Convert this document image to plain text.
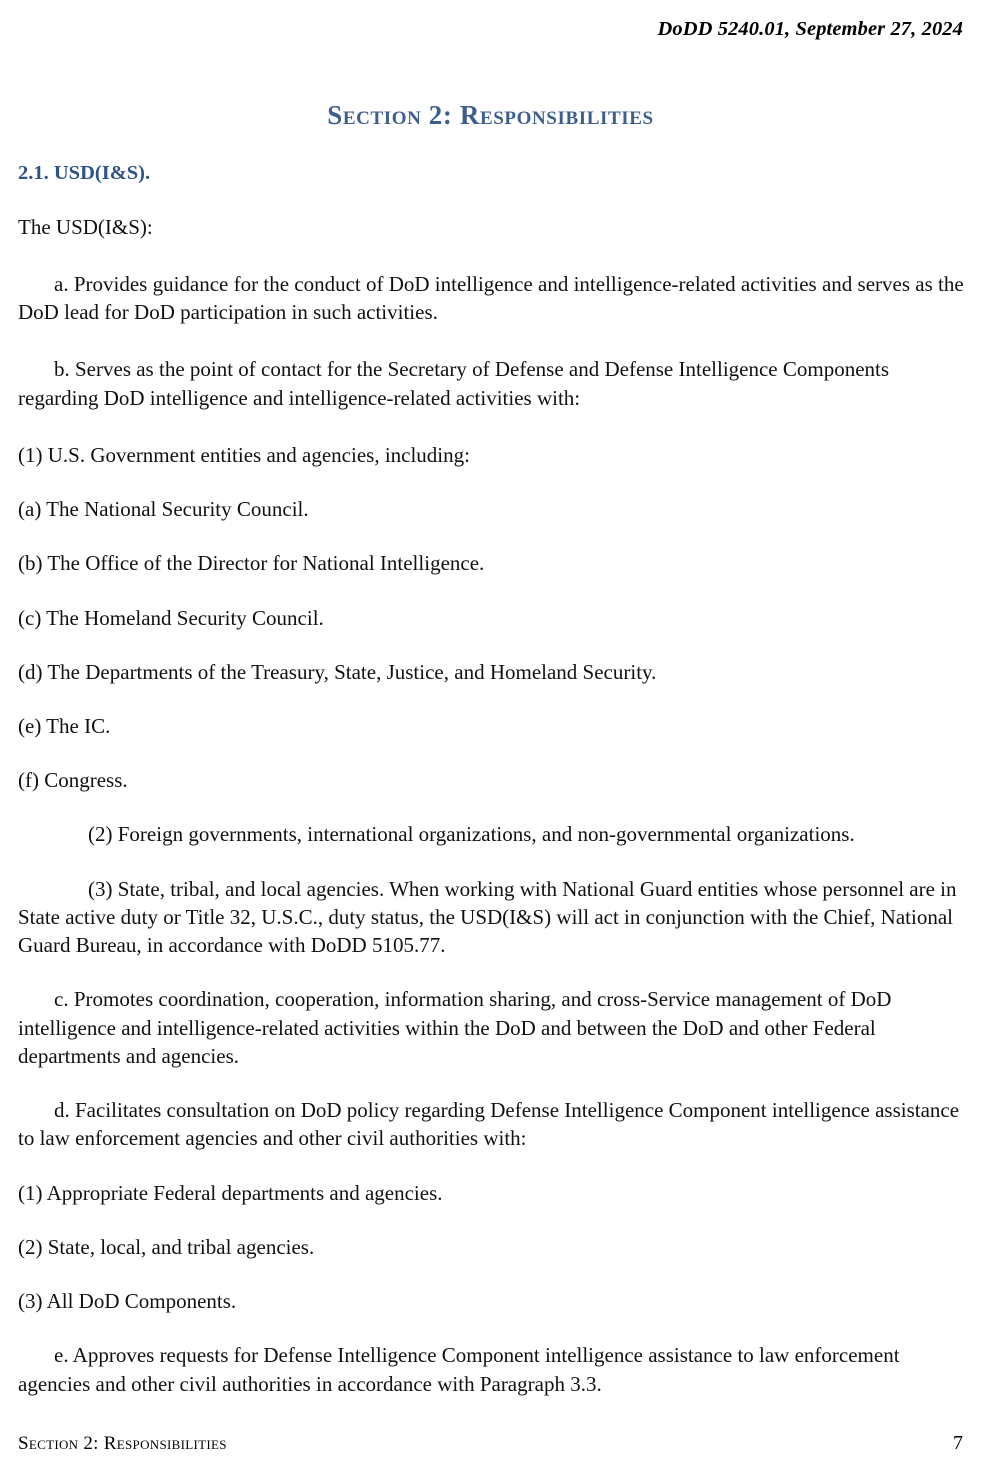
DoDD 5240.01, September 27, 2024
Section 2: Responsibilities
2.1. USD(I&S).

The USD(I&S):

a. Provides guidance for the conduct of DoD intelligence and intelligence-related activities and serves as the DoD lead for DoD participation in such activities.

b. Serves as the point of contact for the Secretary of Defense and Defense Intelligence Components regarding DoD intelligence and intelligence-related activities with:

(1) U.S. Government entities and agencies, including:

(a) The National Security Council.

(b) The Office of the Director for National Intelligence.

(c) The Homeland Security Council.

(d) The Departments of the Treasury, State, Justice, and Homeland Security.

(e) The IC.

(f) Congress.

(2) Foreign governments, international organizations, and non-governmental organizations.

(3) State, tribal, and local agencies. When working with National Guard entities whose personnel are in State active duty or Title 32, U.S.C., duty status, the USD(I&S) will act in conjunction with the Chief, National Guard Bureau, in accordance with DoDD 5105.77.

c. Promotes coordination, cooperation, information sharing, and cross-Service management of DoD intelligence and intelligence-related activities within the DoD and between the DoD and other Federal departments and agencies.

d. Facilitates consultation on DoD policy regarding Defense Intelligence Component intelligence assistance to law enforcement agencies and other civil authorities with:

(1) Appropriate Federal departments and agencies.

(2) State, local, and tribal agencies.

(3) All DoD Components.

e. Approves requests for Defense Intelligence Component intelligence assistance to law enforcement agencies and other civil authorities in accordance with Paragraph 3.3.

Section 2: Responsibilities	7
